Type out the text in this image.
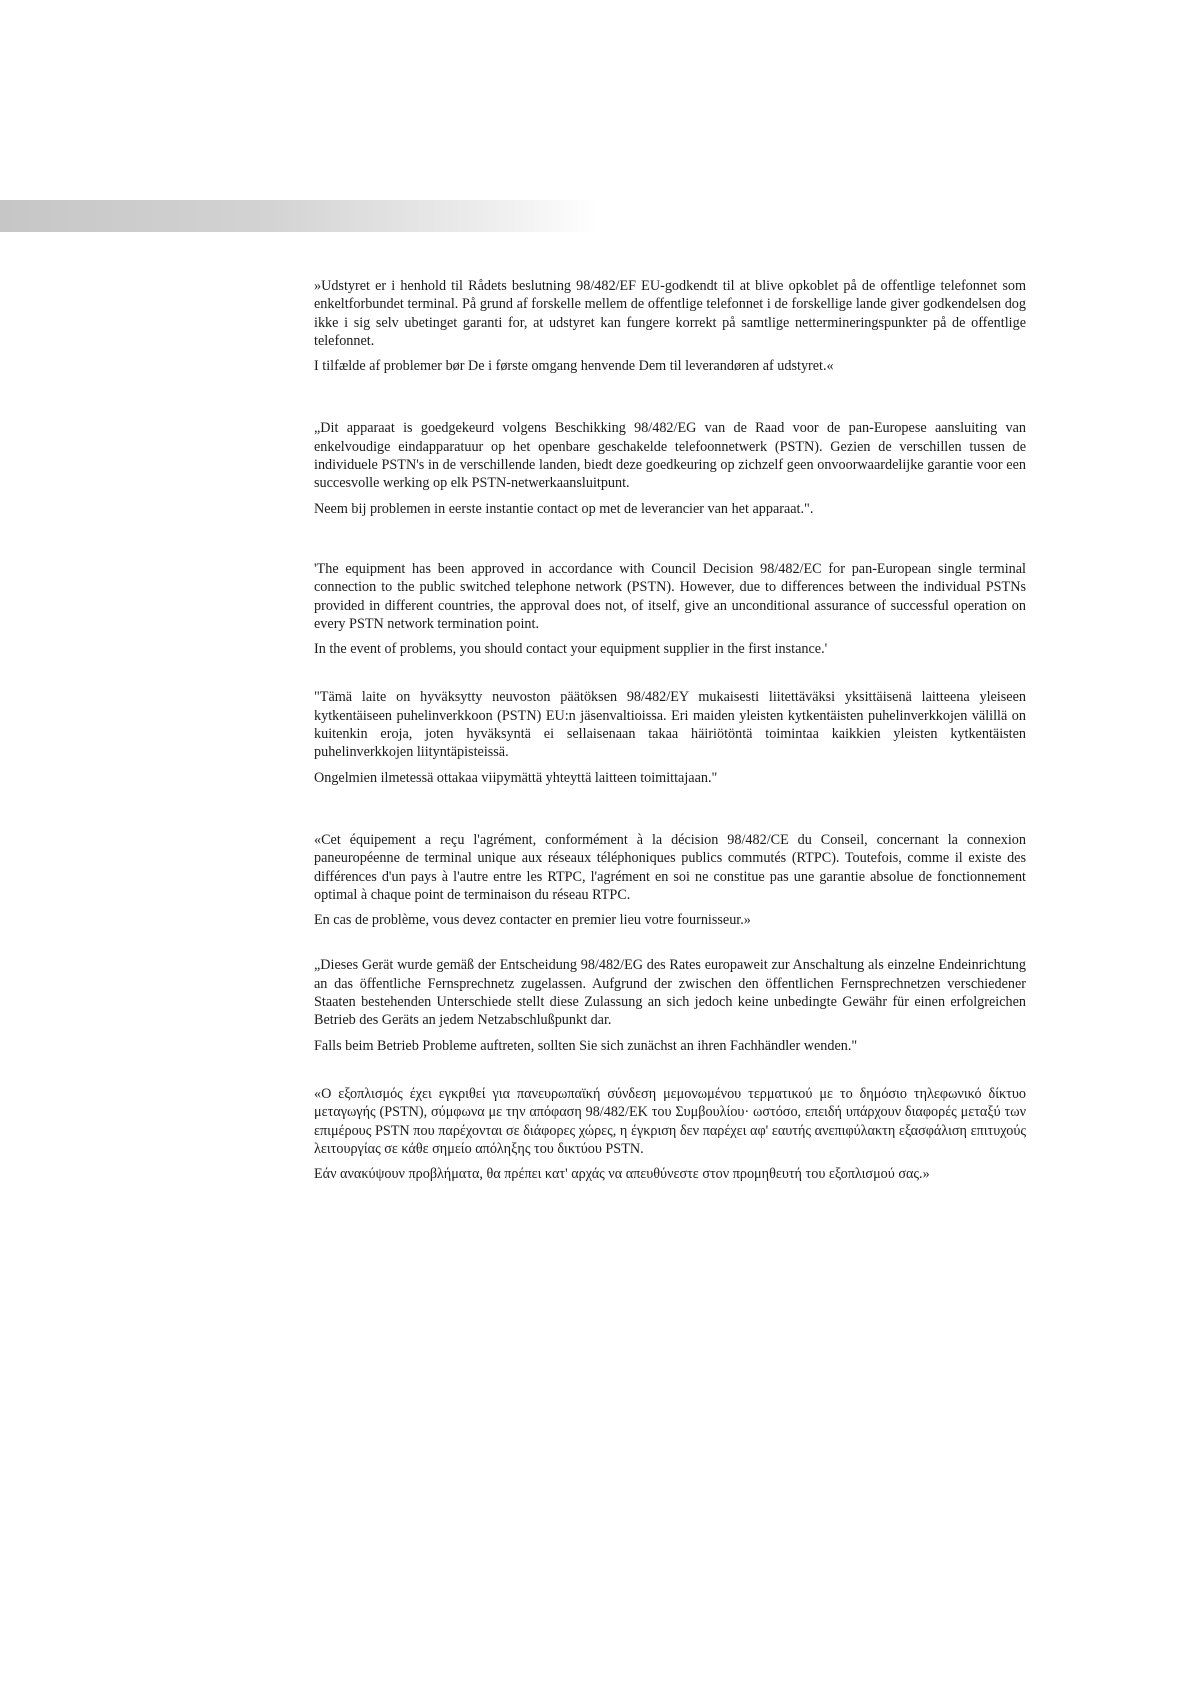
»Udstyret er i henhold til Rådets beslutning 98/482/EF EU-godkendt til at blive opkoblet på de offentlige telefonnet som enkeltforbundet terminal. På grund af forskelle mellem de offentlige telefonnet i de forskellige lande giver godkendelsen dog ikke i sig selv ubetinget garanti for, at udstyret kan fungere korrekt på samtlige nettermineringspunkter på de offentlige telefonnet.

I tilfælde af problemer bør De i første omgang henvende Dem til leverandøren af udstyret.«

„Dit apparaat is goedgekeurd volgens Beschikking 98/482/EG van de Raad voor de pan-Europese aansluiting van enkelvoudige eindapparatuur op het openbare geschakelde telefoonnetwerk (PSTN). Gezien de verschillen tussen de individuele PSTN's in de verschillende landen, biedt deze goedkeuring op zichzelf geen onvoorwaardelijke garantie voor een succesvolle werking op elk PSTN-netwerkaansluitpunt.

Neem bij problemen in eerste instantie contact op met de leverancier van het apparaat.".

'The equipment has been approved in accordance with Council Decision 98/482/EC for pan-European single terminal connection to the public switched telephone network (PSTN). However, due to differences between the individual PSTNs provided in different countries, the approval does not, of itself, give an unconditional assurance of successful operation on every PSTN network termination point.

In the event of problems, you should contact your equipment supplier in the first instance.'

"Tämä laite on hyväksytty neuvoston päätöksen 98/482/EY mukaisesti liitettäväksi yksittäisenä laitteena yleiseen kytkentäiseen puhelinverkkoon (PSTN) EU:n jäsenvaltioissa. Eri maiden yleisten kytkentäisten puhelinverkkojen välillä on kuitenkin eroja, joten hyväksyntä ei sellaisenaan takaa häiriötöntä toimintaa kaikkien yleisten kytkentäisten puhelinverkkojen liityntäpisteissä.

Ongelmien ilmetessä ottakaa viipymättä yhteyttä laitteen toimittajaan."

«Cet équipement a reçu l'agrément, conformément à la décision 98/482/CE du Conseil, concernant la connexion paneuropéenne de terminal unique aux réseaux téléphoniques publics commutés (RTPC). Toutefois, comme il existe des différences d'un pays à l'autre entre les RTPC, l'agrément en soi ne constitue pas une garantie absolue de fonctionnement optimal à chaque point de terminaison du réseau RTPC.

En cas de problème, vous devez contacter en premier lieu votre fournisseur.»

„Dieses Gerät wurde gemäß der Entscheidung 98/482/EG des Rates europaweit zur Anschaltung als einzelne Endeinrichtung an das öffentliche Fernsprechnetz zugelassen. Aufgrund der zwischen den öffentlichen Fernsprechnetzen verschiedener Staaten bestehenden Unterschiede stellt diese Zulassung an sich jedoch keine unbedingte Gewähr für einen erfolgreichen Betrieb des Geräts an jedem Netzabschlußpunkt dar.

Falls beim Betrieb Probleme auftreten, sollten Sie sich zunächst an ihren Fachhändler wenden."

«Ο εξοπλισμός έχει εγκριθεί για πανευρωπαϊκή σύνδεση μεμονωμένου τερματικού με το δημόσιο τηλεφωνικό δίκτυο μεταγωγής (PSTN), σύμφωνα με την απόφαση 98/482/ΕΚ του Συμβουλίου· ωστόσο, επειδή υπάρχουν διαφορές μεταξύ των επιμέρους PSTN που παρέχονται σε διάφορες χώρες, η έγκριση δεν παρέχει αφ' εαυτής ανεπιφύλακτη εξασφάλιση επιτυχούς λειτουργίας σε κάθε σημείο απόληξης του δικτύου PSTN.

Εάν ανακύψουν προβλήματα, θα πρέπει κατ' αρχάς να απευθύνεστε στον προμηθευτή του εξοπλισμού σας.»
